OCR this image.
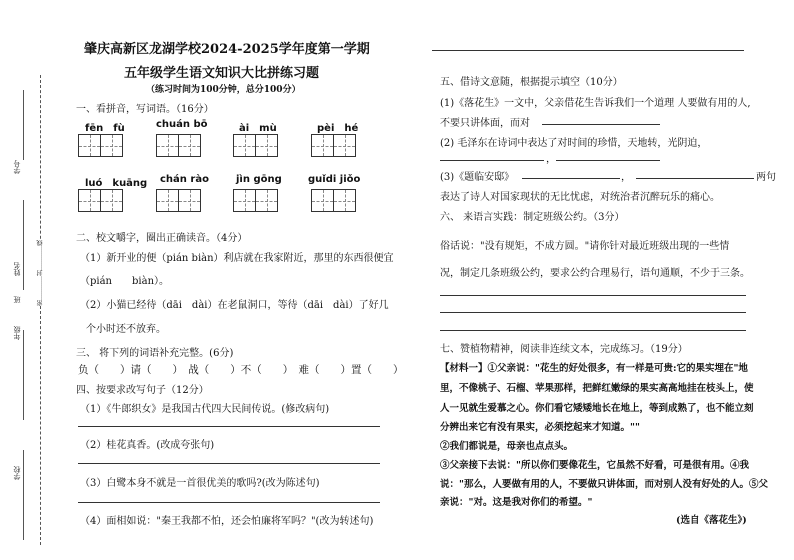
学号
姓名
班
年级
学校
密…………封…………线
肇庆高新区龙湖学校2024-2025学年度第一学期
五年级学生语文知识大比拼练习题
（练习时间为100分钟，总分100分）
一、看拼音，写词语。（16分）
fēn　fù	chuán bō	ài　mù	pèi　hé
luó　kuāng chán rào	jìn gōng	guǐdi jiǒo
二、校文嚼字，圈出正确读音。（4分）
（1）新开业的便（pián biàn）利店就在我家附近，那里的东西很便宜
（pián　　biàn）。
（2）小猫已经待（dāi　dài）在老鼠洞口，等待（dāi　dài）了好几
个小时还不放弃。
三、 将下列的词语补充完整。(6分)
负（　　）请（　　）　战（　　）不（　　）　难（　　）置（　　）
四、按要求改写句子（12分）
（1）《牛郎织女》是我国古代四大民间传说。(修改病句)
（2）桂花真香。(改成夸张句)
（3）白鹭本身不就是一首很优美的歌吗?(改为陈述句)
（4）面相如说："秦王我都不怕，还会怕廉将军吗？"(改为转述句)
五、借诗文意随，根据提示填空（10分）
(1)《落花生》一文中，父亲借花生告诉我们一个道理 人要做有用的人,
不要只讲体面，而对
(2) 毛泽东在诗词中表达了对时间的珍惜，天地转，光阴迫，
，
(3)《题临安邸》	，	两句
表达了诗人对国家现状的无比忧虑，对统治者沉醉玩乐的痛心。
六、 来语言实践：制定班级公约。（3分）
俗话说："没有规矩，不成方圆。"请你针对最近班级出现的一些情
况，制定几条班级公约，要求公约合理易行，语句通顺，不少于三条。
七、赞植物精神，阅读非连续文本，完成练习。（19分）
【材料一】①父亲说："花生的好处很多，有一样是可贵:它的果实埋在"地
里，不像桃子、石榴、苹果那样，把鲜红嫩绿的果实高高地挂在枝头上，使
人一见就生爱慕之心。你们看它矮矮地长在地上，等到成熟了，也不能立刻
分辨出来它有没有果实，必须挖起来才知道。""
②我们都说是，母亲也点点头。
③父亲接下去说："所以你们要像花生，它虽然不好看，可是很有用。④我
说："那么，人要做有用的人，不要做只讲体面，而对别人没有好处的人。⑤父
亲说："对。这是我对你们的希望。"
(选自《落花生》)
